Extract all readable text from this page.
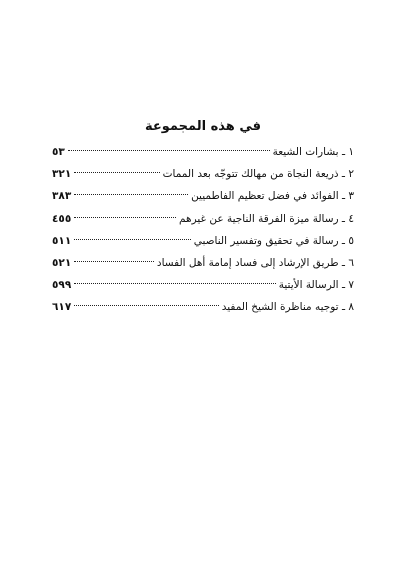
في هذه المجموعة
١ ـ بشارات الشيعة
٥٣
٢ ـ ذريعة النجاة من مهالك تتوجّه بعد الممات
٣٢١
٣ ـ الفوائد في فضل تعظيم الفاطميين
٣٨٣
٤ ـ رسالة ميزة الفرقة الناجية عن غيرهم
٤٥٥
٥ ـ رسالة في تحقيق وتفسير الناصبي
٥١١
٦ ـ طريق الإرشاد إلى فساد إمامة أهل الفساد
٥٢١
٧ ـ الرسالة الأيتية
٥٩٩
٨ ـ توجيه مناظرة الشيخ المفيد
٦١٧
